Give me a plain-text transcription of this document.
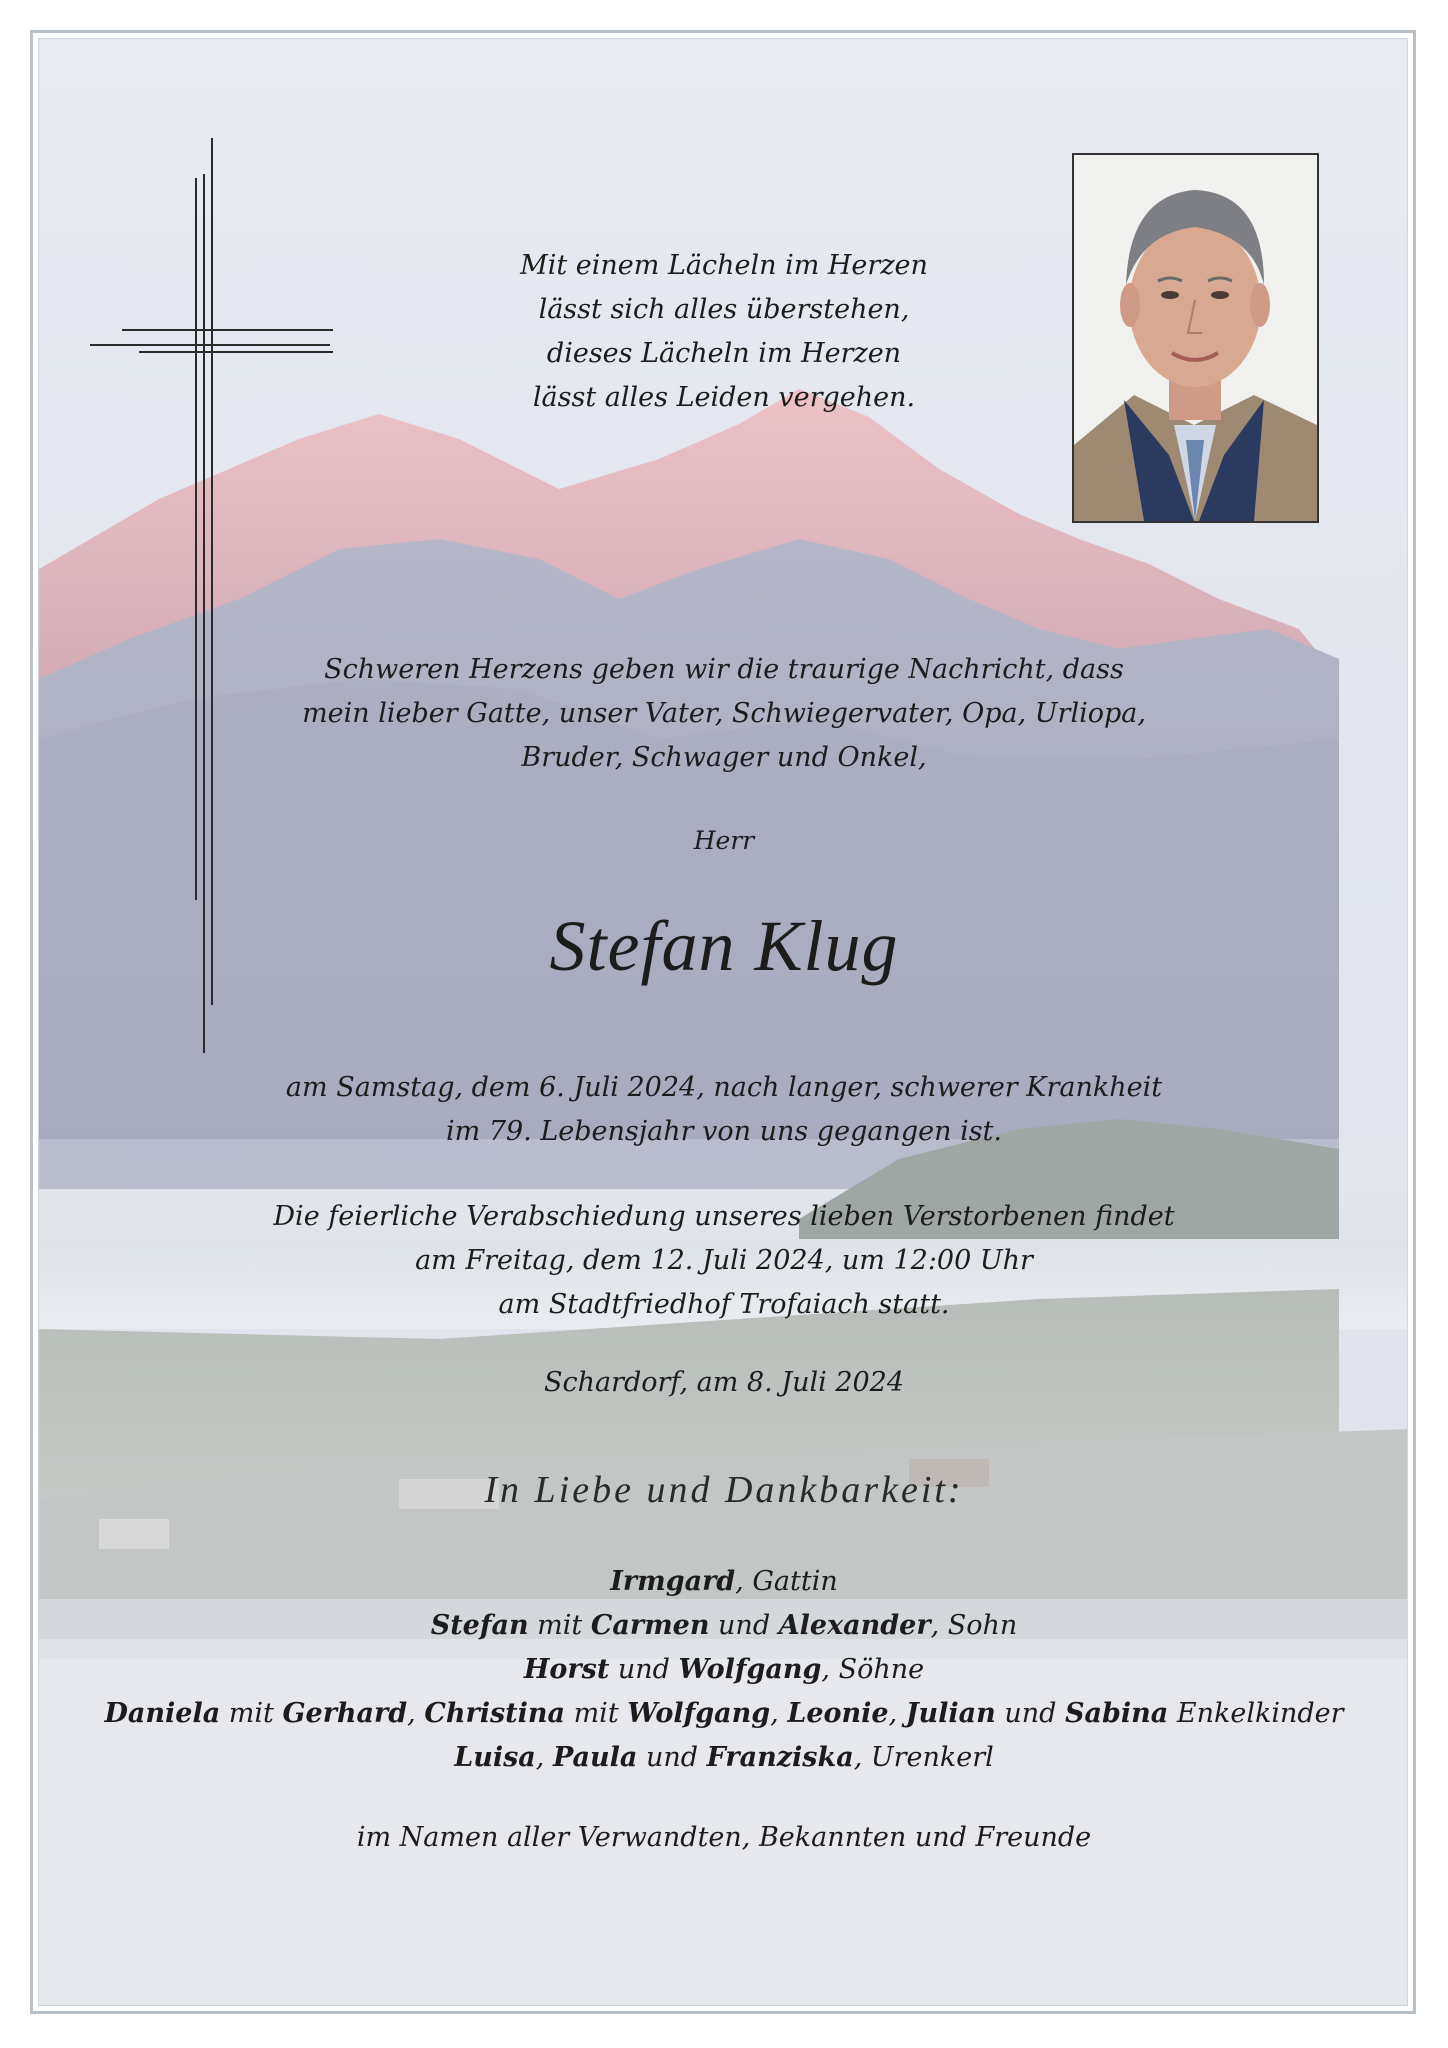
Mit einem Lächeln im Herzen
lässt sich alles überstehen,
dieses Lächeln im Herzen
lässt alles Leiden vergehen.
Schweren Herzens geben wir die traurige Nachricht, dass
mein lieber Gatte, unser Vater, Schwiegervater, Opa, Urliopa,
Bruder, Schwager und Onkel,
Herr
Stefan Klug
am Samstag, dem 6. Juli 2024, nach langer, schwerer Krankheit
im 79. Lebensjahr von uns gegangen ist.
Die feierliche Verabschiedung unseres lieben Verstorbenen findet
am Freitag, dem 12. Juli 2024, um 12:00 Uhr
am Stadtfriedhof Trofaiach statt.
Schardorf, am 8. Juli 2024
In Liebe und Dankbarkeit:
Irmgard, Gattin
Stefan mit Carmen und Alexander, Sohn
Horst und Wolfgang, Söhne
Daniela mit Gerhard, Christina mit Wolfgang, Leonie, Julian und Sabina Enkelkinder
Luisa, Paula und Franziska, Urenkerl
im Namen aller Verwandten, Bekannten und Freunde
